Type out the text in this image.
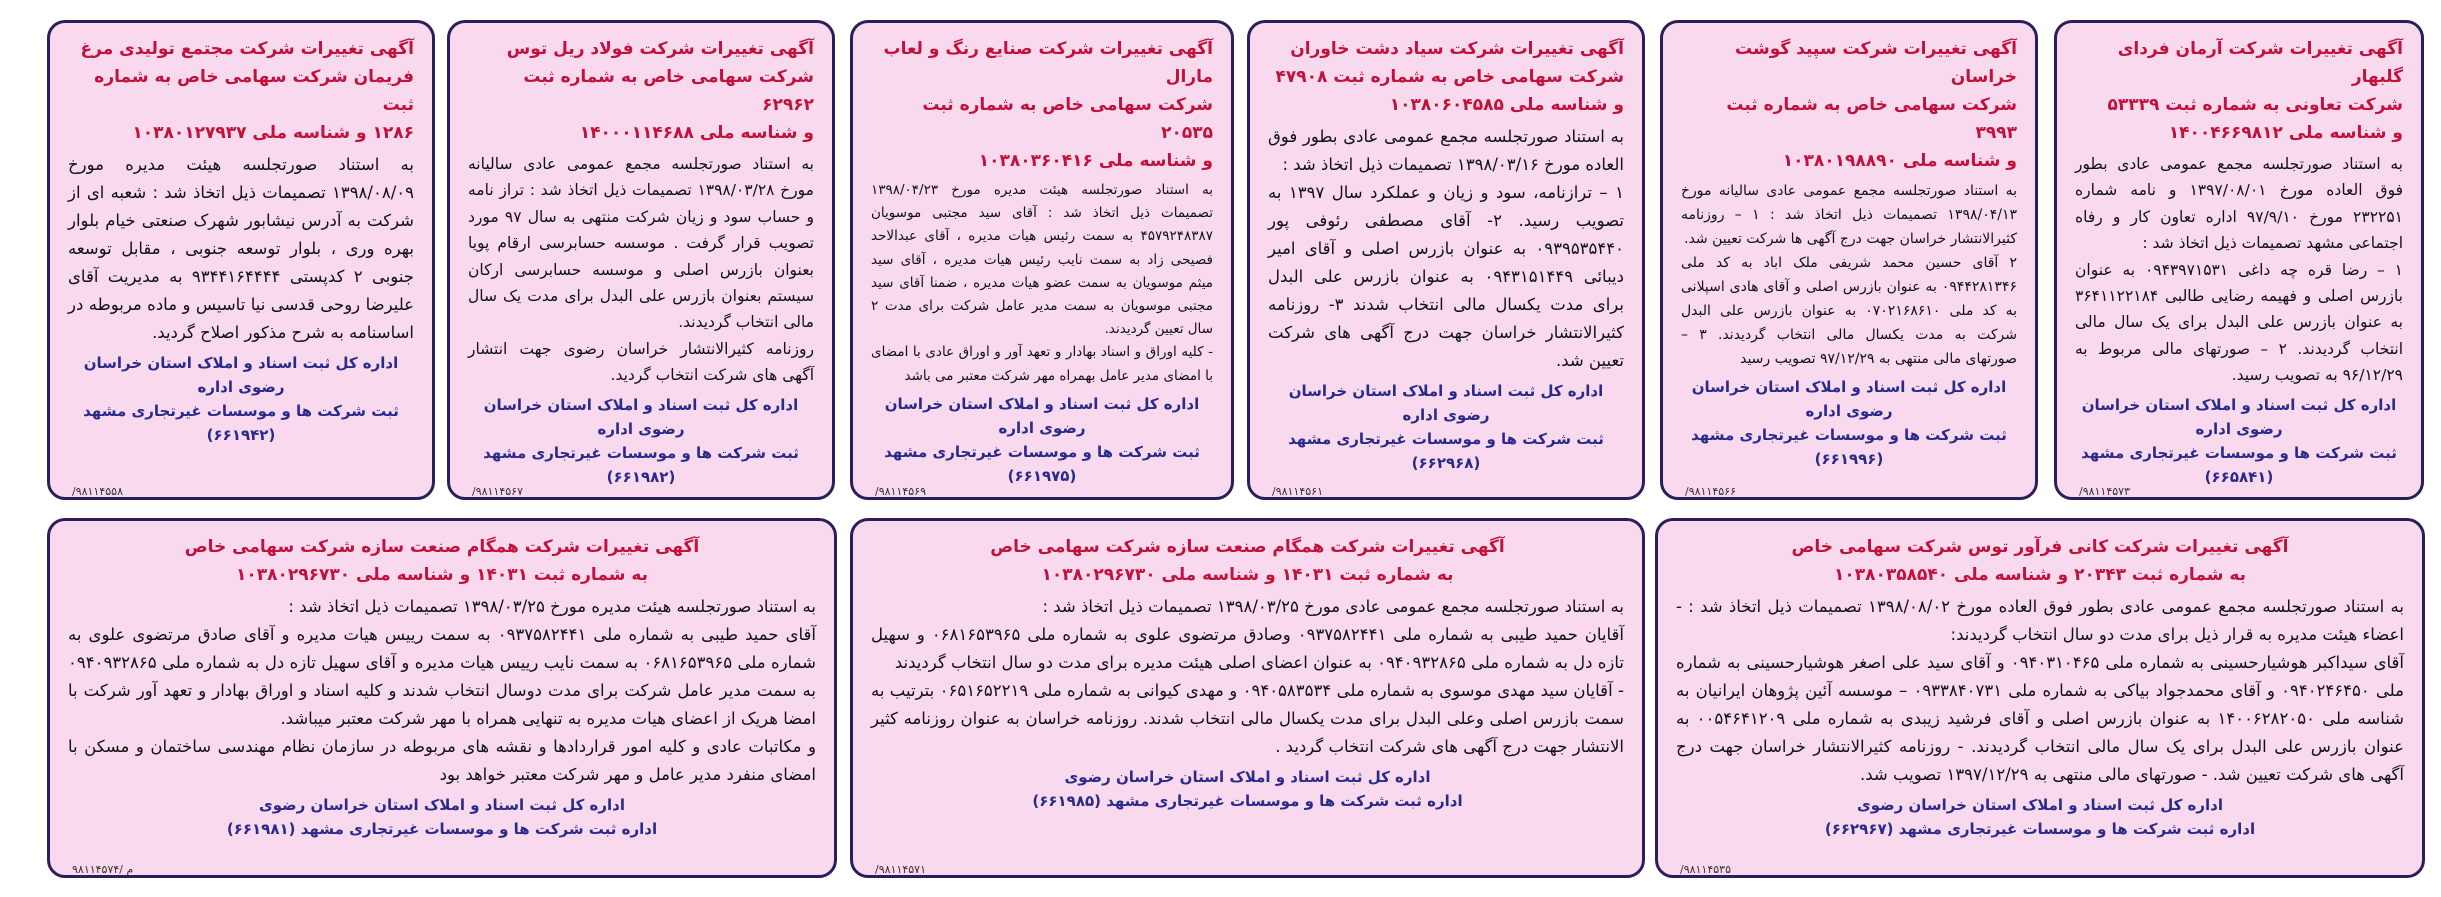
آگهی تغییرات شرکت آرمان فردای گلبهار
شرکت تعاونی به شماره ثبت ۵۳۳۳۹
و شناسه ملی ۱۴۰۰۴۶۶۹۸۱۲

به استناد صورتجلسه مجمع عمومی عادی بطور فوق العاده مورخ ۱۳۹۷/۰۸/۰۱ و نامه شماره ۲۳۲۲۵۱ مورخ ۹۷/۹/۱۰ اداره تعاون کار و رفاه اجتماعی مشهد تصمیمات ذیل اتخاذ شد :

۱ – رضا قره چه داغی ۰۹۴۳۹۷۱۵۳۱ به عنوان بازرس اصلی و فهیمه رضایی طالبی ۳۶۴۱۱۲۲۱۸۴ به عنوان بازرس علی البدل برای یک سال مالی انتخاب گردیدند. ۲ – صورتهای مالی مربوط به ۹۶/۱۲/۲۹ به تصویب رسید.

اداره کل ثبت اسناد و املاک استان خراسان رضوی اداره
ثبت شرکت ها و موسسات غیرتجاری مشهد (۶۶۵۸۴۱)
/۹۸۱۱۴۵۷۳
آگهی تغییرات شرکت سپید گوشت خراسان
شرکت سهامی خاص به شماره ثبت ۳۹۹۳
و شناسه ملی ۱۰۳۸۰۱۹۸۸۹۰

به استناد صورتجلسه مجمع عمومی عادی سالیانه مورخ ۱۳۹۸/۰۴/۱۳ تصمیمات ذیل اتخاذ شد : ۱ – روزنامه کثیرالانتشار خراسان جهت درج آگهی ها شرکت تعیین شد.

۲ آقای حسین محمد شریفی ملک اباد به کد ملی ۰۹۴۴۲۸۱۳۴۶ به عنوان بازرس اصلی و آقای هادی اسپلانی به کد ملی ۰۷۰۲۱۶۸۶۱۰ به عنوان بازرس علی البدل شرکت به مدت یکسال مالی انتخاب گردیدند. ۳ – صورتهای مالی منتهی به ۹۷/۱۲/۲۹ تصویب رسید

اداره کل ثبت اسناد و املاک استان خراسان رضوی اداره
ثبت شرکت ها و موسسات غیرتجاری مشهد (۶۶۱۹۹۶)
/۹۸۱۱۴۵۶۶
آگهی تغییرات شرکت سیاد دشت خاوران
شرکت سهامی خاص به شماره ثبت ۴۷۹۰۸
و شناسه ملی ۱۰۳۸۰۶۰۴۵۸۵

به استناد صورتجلسه مجمع عمومی عادی بطور فوق العاده مورخ ۱۳۹۸/۰۳/۱۶ تصمیمات ذیل اتخاذ شد :

۱ – ترازنامه، سود و زیان و عملکرد سال ۱۳۹۷ به تصویب رسید. ۲- آقای مصطفی رئوفی پور ۰۹۳۹۵۳۵۴۴۰ به عنوان بازرس اصلی و آقای امیر دیبائی ۰۹۴۳۱۵۱۴۴۹ به عنوان بازرس علی البدل برای مدت یکسال مالی انتخاب شدند ۳- روزنامه کثیرالانتشار خراسان جهت درج آگهی های شرکت تعیین شد.

اداره کل ثبت اسناد و املاک استان خراسان رضوی اداره
ثبت شرکت ها و موسسات غیرتجاری مشهد (۶۶۲۹۶۸)
/۹۸۱۱۴۵۶۱
آگهی تغییرات شرکت صنایع رنگ و لعاب مارال
شرکت سهامی خاص به شماره ثبت ۲۰۵۳۵
و شناسه ملی ۱۰۳۸۰۳۶۰۴۱۶

به استناد صورتجلسه هیئت مدیره مورخ ۱۳۹۸/۰۴/۲۳ تصمیمات ذیل اتخاذ شد : آقای سید مجتبی موسویان ۴۵۷۹۲۴۸۳۸۷ به سمت رئیس هیات مدیره ، آقای عبدالاحد فصیحی زاد به سمت نایب رئیس هیات مدیره ، آقای سید میثم موسویان به سمت عضو هیات مدیره ، ضمنا آقای سید مجتبی موسویان به سمت مدیر عامل شرکت برای مدت ۲ سال تعیین گردیدند.

- کلیه اوراق و اسناد بهادار و تعهد آور و اوراق عادی با امضای با امضای مدیر عامل بهمراه مهر شرکت معتبر می باشد

اداره کل ثبت اسناد و املاک استان خراسان رضوی اداره
ثبت شرکت ها و موسسات غیرتجاری مشهد (۶۶۱۹۷۵)
/۹۸۱۱۴۵۶۹
آگهی تغییرات شرکت فولاد ریل توس
شرکت سهامی خاص به شماره ثبت ۶۲۹۶۲
و شناسه ملی ۱۴۰۰۰۱۱۴۶۸۸

به استناد صورتجلسه مجمع عمومی عادی سالیانه مورخ ۱۳۹۸/۰۳/۲۸ تصمیمات ذیل اتخاذ شد : تراز نامه و حساب سود و زیان شرکت منتهی به سال ۹۷ مورد تصویب قرار گرفت . موسسه حسابرسی ارقام پویا بعنوان بازرس اصلی و موسسه حسابرسی ارکان سیستم بعنوان بازرس علی البدل برای مدت یک سال مالی انتخاب گردیدند.

روزنامه کثیرالانتشار خراسان رضوی جهت انتشار آگهی های شرکت انتخاب گردید.

اداره کل ثبت اسناد و املاک استان خراسان رضوی اداره
ثبت شرکت ها و موسسات غیرتجاری مشهد (۶۶۱۹۸۲)
/۹۸۱۱۴۵۶۷
آگهی تغییرات شرکت مجتمع تولیدی مرغ
فریمان شرکت سهامی خاص به شماره ثبت
۱۲۸۶ و شناسه ملی ۱۰۳۸۰۱۲۷۹۳۷

به استناد صورتجلسه هیئت مدیره مورخ ۱۳۹۸/۰۸/۰۹ تصمیمات ذیل اتخاذ شد : شعبه ای از شرکت به آدرس نیشابور شهرک صنعتی خیام بلوار بهره وری ، بلوار توسعه جنوبی ، مقابل توسعه جنوبی ۲ کدپستی ۹۳۴۴۱۶۴۴۴۴ به مدیریت آقای علیرضا روحی قدسی نیا تاسیس و ماده مربوطه در اساسنامه به شرح مذکور اصلاح گردید.

اداره کل ثبت اسناد و املاک استان خراسان رضوی اداره
ثبت شرکت ها و موسسات غیرتجاری مشهد (۶۶۱۹۴۲)
/۹۸۱۱۴۵۵۸
آگهی تغییرات شرکت کانی فرآور توس شرکت سهامی خاص
به شماره ثبت ۲۰۳۴۳ و شناسه ملی ۱۰۳۸۰۳۵۸۵۴۰

به استناد صورتجلسه مجمع عمومی عادی بطور فوق العاده مورخ ۱۳۹۸/۰۸/۰۲ تصمیمات ذیل اتخاذ شد : - اعضاء هیئت مدیره به قرار ذیل برای مدت دو سال انتخاب گردیدند:

آقای سیداکبر هوشیارحسینی به شماره ملی ۰۹۴۰۳۱۰۴۶۵ و آقای سید علی اصغر هوشیارحسینی به شماره ملی ۰۹۴۰۲۴۶۴۵۰ و آقای محمدجواد بیاکی به شماره ملی ۰۹۳۳۸۴۰۷۳۱ – موسسه آئین پژوهان ایرانیان به شناسه ملی ۱۴۰۰۶۲۸۲۰۵۰ به عنوان بازرس اصلی و آقای فرشید زیبدی به شماره ملی ۰۰۵۴۶۴۱۲۰۹ به عنوان بازرس علی البدل برای یک سال مالی انتخاب گردیدند. - روزنامه کثیرالانتشار خراسان جهت درج آگهی های شرکت تعیین شد. - صورتهای مالی منتهی به ۱۳۹۷/۱۲/۲۹ تصویب شد.

اداره کل ثبت اسناد و املاک استان خراسان رضوی
اداره ثبت شرکت ها و موسسات غیرتجاری مشهد (۶۶۲۹۶۷)
/۹۸۱۱۴۵۳۵
آگهی تغییرات شرکت همگام صنعت سازه شرکت سهامی خاص
به شماره ثبت ۱۴۰۳۱ و شناسه ملی ۱۰۳۸۰۲۹۶۷۳۰

به استناد صورتجلسه مجمع عمومی عادی مورخ ۱۳۹۸/۰۳/۲۵ تصمیمات ذیل اتخاذ شد :

آقایان حمید طیبی به شماره ملی ۰۹۳۷۵۸۲۴۴۱ وصادق مرتضوی علوی به شماره ملی ۰۶۸۱۶۵۳۹۶۵ و سهیل تازه دل به شماره ملی ۰۹۴۰۹۳۲۸۶۵ به عنوان اعضای اصلی هیئت مدیره برای مدت دو سال انتخاب گردیدند

- آقایان سید مهدی موسوی به شماره ملی ۰۹۴۰۵۸۳۵۳۴ و مهدی کیوانی به شماره ملی ۰۶۵۱۶۵۲۲۱۹ بترتیب به سمت بازرس اصلی وعلی البدل برای مدت یکسال مالی انتخاب شدند. روزنامه خراسان به عنوان روزنامه کثیر الانتشار جهت درج آگهی های شرکت انتخاب گردید .

اداره کل ثبت اسناد و املاک استان خراسان رضوی
اداره ثبت شرکت ها و موسسات غیرتجاری مشهد (۶۶۱۹۸۵)
/۹۸۱۱۴۵۷۱
آگهی تغییرات شرکت همگام صنعت سازه شرکت سهامی خاص
به شماره ثبت ۱۴۰۳۱ و شناسه ملی ۱۰۳۸۰۲۹۶۷۳۰

به استناد صورتجلسه هیئت مدیره مورخ ۱۳۹۸/۰۳/۲۵ تصمیمات ذیل اتخاذ شد :

آقای حمید طیبی به شماره ملی ۰۹۳۷۵۸۲۴۴۱ به سمت رییس هیات مدیره و آقای صادق مرتضوی علوی به شماره ملی ۰۶۸۱۶۵۳۹۶۵ به سمت نایب رییس هیات مدیره و آقای سهیل تازه دل به شماره ملی ۰۹۴۰۹۳۲۸۶۵ به سمت مدیر عامل شرکت برای مدت دوسال انتخاب شدند و کلیه اسناد و اوراق بهادار و تعهد آور شرکت با امضا هریک از اعضای هیات مدیره به تنهایی همراه با مهر شرکت معتبر میباشد.

و مکاتبات عادی و کلیه امور قراردادها و نقشه های مربوطه در سازمان نظام مهندسی ساختمان و مسکن با امضای منفرد مدیر عامل و مهر شرکت معتبر خواهد بود

اداره کل ثبت اسناد و املاک استان خراسان رضوی
اداره ثبت شرکت ها و موسسات غیرتجاری مشهد (۶۶۱۹۸۱)
م /۹۸۱۱۴۵۷۴
